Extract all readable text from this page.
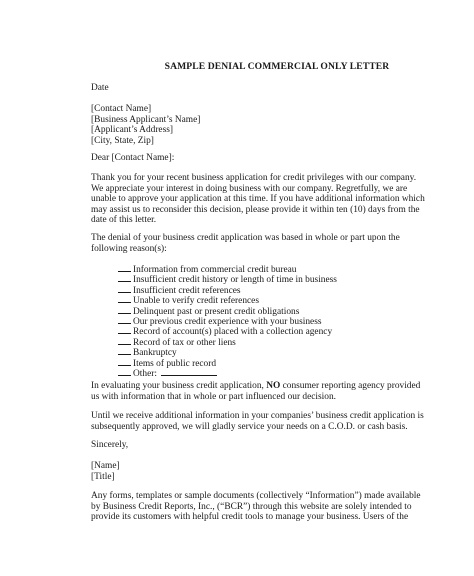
SAMPLE DENIAL COMMERCIAL ONLY LETTER
Date
[Contact Name]
[Business Applicant’s Name]
[Applicant’s Address]
[City, State, Zip]
Dear [Contact Name]:
Thank you for your recent business application for credit privileges with our company.
We appreciate your interest in doing business with our company. Regretfully, we are
unable to approve your application at this time. If you have additional information which
may assist us to reconsider this decision, please provide it within ten (10) days from the
date of this letter.
The denial of your business credit application was based in whole or part upon the
following reason(s):
Information from commercial credit bureau
Insufficient credit history or length of time in business
Insufficient credit references
Unable to verify credit references
Delinquent past or present credit obligations
Our previous credit experience with your business
Record of account(s) placed with a collection agency
Record of tax or other liens
Bankruptcy
Items of public record
Other:
In evaluating your business credit application, NO consumer reporting agency provided
us with information that in whole or part influenced our decision.
Until we receive additional information in your companies’ business credit application is
subsequently approved, we will gladly service your needs on a C.O.D. or cash basis.
Sincerely,
[Name]
[Title]
Any forms, templates or sample documents (collectively “Information”) made available
by Business Credit Reports, Inc., (“BCR”) through this website are solely intended to
provide its customers with helpful credit tools to manage your business. Users of the
